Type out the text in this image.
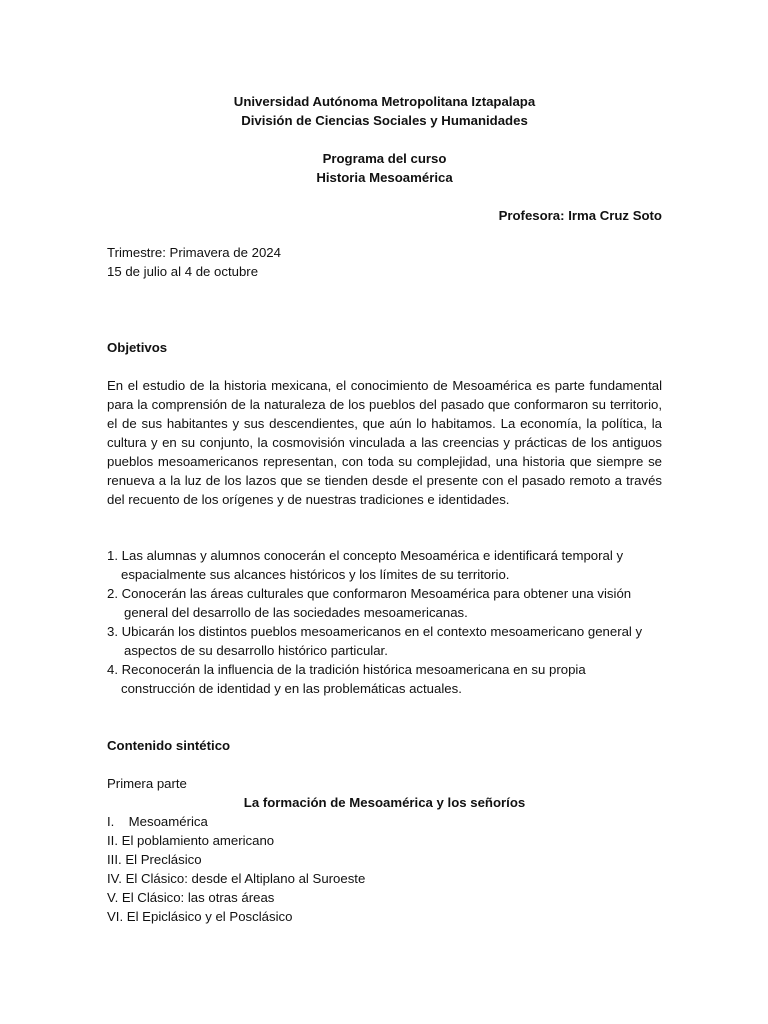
Universidad Autónoma Metropolitana Iztapalapa
División de Ciencias Sociales y Humanidades
Programa del curso
Historia Mesoamérica
Profesora: Irma Cruz Soto
Trimestre: Primavera de 2024
15 de julio al 4 de octubre
Objetivos
En el estudio de la historia mexicana, el conocimiento de Mesoamérica es parte fundamental para la comprensión de la naturaleza de los pueblos del pasado que conformaron su territorio, el de sus habitantes y sus descendientes, que aún lo habitamos. La economía, la política, la cultura y en su conjunto, la cosmovisión vinculada a las creencias y prácticas de los antiguos pueblos mesoamericanos representan, con toda su complejidad, una historia que siempre se renueva a la luz de los lazos que se tienden desde el presente con el pasado remoto a través del recuento de los orígenes y de nuestras tradiciones e identidades.
1. Las alumnas y alumnos conocerán el concepto Mesoamérica e identificará temporal y espacialmente sus alcances históricos y los límites de su territorio.
2. Conocerán las áreas culturales que conformaron Mesoamérica para obtener una visión general del desarrollo de las sociedades mesoamericanas.
3. Ubicarán los distintos pueblos mesoamericanos en el contexto mesoamericano general y aspectos de su desarrollo histórico particular.
4. Reconocerán la influencia de la tradición histórica mesoamericana en su propia construcción de identidad y en las problemáticas actuales.
Contenido sintético
Primera parte
La formación de Mesoamérica y los señoríos
I. Mesoamérica
II. El poblamiento americano
III. El Preclásico
IV. El Clásico: desde el Altiplano al Suroeste
V. El Clásico: las otras áreas
VI. El Epiclásico y el Posclásico
